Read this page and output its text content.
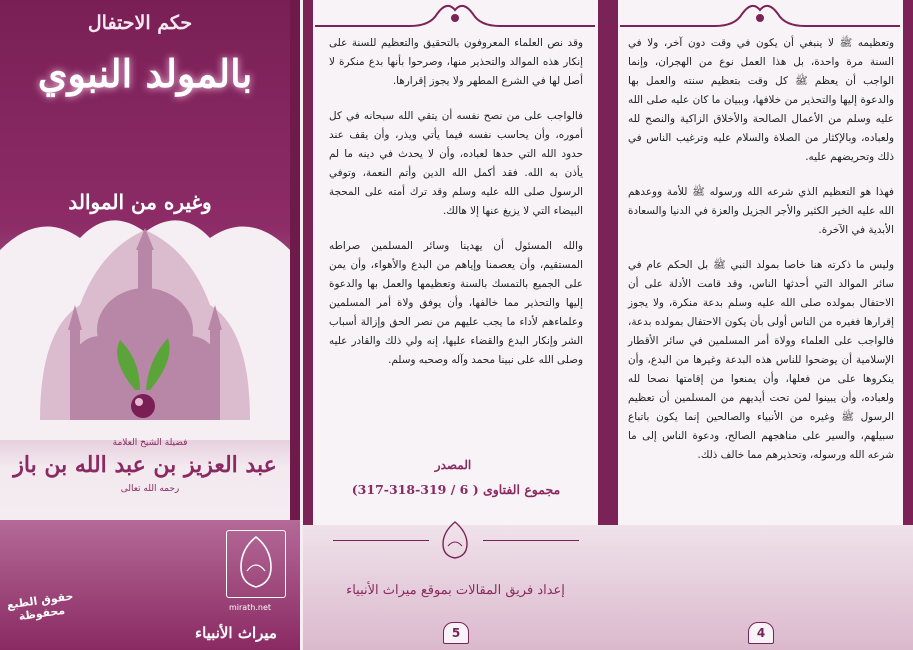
حكم الاحتفال
بالمولد النبوي
وغيره من الموالد
فضيلة الشيخ العلامة
عبد العزيز بن عبد الله بن باز
رحمه الله تعالى
حقوق الطبع محفوظة	mirath.net
ميراث الأنبياء

وقد نص العلماء المعروفون بالتحقيق والتعظيم للسنة على إنكار هذه الموالد والتحذير منها، وصرحوا بأنها بدع منكرة لا أصل لها في الشرع المطهر ولا يجوز إقرارها.

فالواجب على من نصح نفسه أن يتقي الله سبحانه في كل أموره، وأن يحاسب نفسه فيما يأتي ويذر، وأن يقف عند حدود الله التي حدها لعباده، وأن لا يحدث في دينه ما لم يأذن به الله. فقد أكمل الله الدين وأتم النعمة، وتوفي الرسول صلى الله عليه وسلم وقد ترك أمته على المحجة البيضاء التي لا يزيغ عنها إلا هالك.

والله المسئول أن يهدينا وسائر المسلمين صراطه المستقيم، وأن يعصمنا وإياهم من البدع والأهواء، وأن يمن على الجميع بالتمسك بالسنة وتعظيمها والعمل بها والدعوة إليها والتحذير مما خالفها، وأن يوفق ولاة أمر المسلمين وعلماءهم لأداء ما يجب عليهم من نصر الحق وإزالة أسباب الشر وإنكار البدع والقضاء عليها، إنه ولي ذلك والقادر عليه وصلى الله على نبينا محمد وآله وصحبه وسلم.

المصدر
مجموع الفتاوى ( 6 / 319-318-317)
إعداد فريق المقالات بموقع ميراث الأنبياء
5

وتعظيمه ﷺ لا ينبغي أن يكون في وقت دون آخر، ولا في السنة مرة واحدة، بل هذا العمل نوع من الهجران، وإنما الواجب أن يعظم ﷺ كل وقت بتعظيم سنته والعمل بها والدعوة إليها والتحذير من خلافها، وببيان ما كان عليه صلى الله عليه وسلم من الأعمال الصالحة والأخلاق الزاكية والنصح لله ولعباده، وبالإكثار من الصلاة والسلام عليه وترغيب الناس في ذلك وتحريضهم عليه.

فهذا هو التعظيم الذي شرعه الله ورسوله ﷺ للأمة ووعدهم الله عليه الخير الكثير والأجر الجزيل والعزة في الدنيا والسعادة الأبدية في الآخرة.

وليس ما ذكرته هنا خاصا بمولد النبي ﷺ بل الحكم عام في سائر الموالد التي أحدثها الناس، وقد قامت الأدلة على أن الاحتفال بمولده صلى الله عليه وسلم بدعة منكرة، ولا يجوز إقرارها فغيره من الناس أولى بأن يكون الاحتفال بمولده بدعة، فالواجب على العلماء وولاة أمر المسلمين في سائر الأقطار الإسلامية أن يوضحوا للناس هذه البدعة وغيرها من البدع، وأن ينكروها على من فعلها، وأن يمنعوا من إقامتها نصحا لله ولعباده، وأن يبينوا لمن تحت أيديهم من المسلمين أن تعظيم الرسول ﷺ وغيره من الأنبياء والصالحين إنما يكون باتباع سبيلهم، والسير على مناهجهم الصالح، ودعوة الناس إلى ما شرعه الله ورسوله، وتحذيرهم مما خالف ذلك.

4
